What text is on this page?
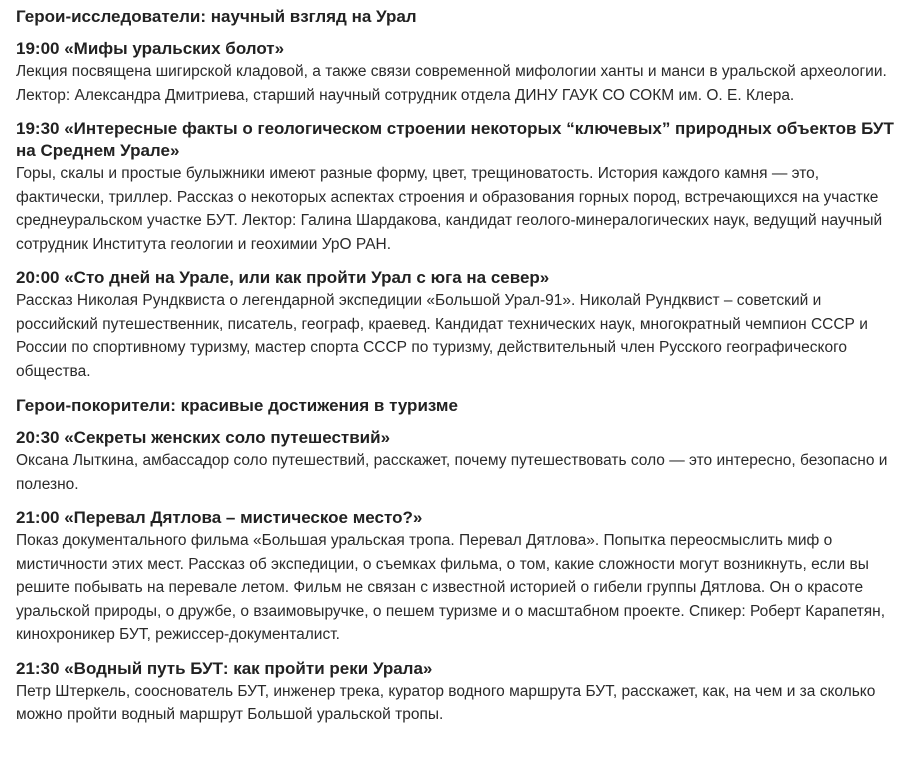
Герои-исследователи: научный взгляд на Урал
19:00 «Мифы уральских болот»
Лекция посвящена шигирской кладовой, а также связи современной мифологии ханты и манси в уральской археологии. Лектор: Александра Дмитриева, старший научный сотрудник отдела ДИНУ ГАУК СО СОКМ им. О. Е. Клера.
19:30 «Интересные факты о геологическом строении некоторых “ключевых” природных объектов БУТ на Среднем Урале»
Горы, скалы и простые булыжники имеют разные форму, цвет, трещиноватость. История каждого камня — это, фактически, триллер. Рассказ о некоторых аспектах строения и образования горных пород, встречающихся на участке среднеуральском участке БУТ. Лектор: Галина Шардакова, кандидат геолого-минералогических наук, ведущий научный сотрудник Института геологии и геохимии УрО РАН.
20:00 «Сто дней на Урале, или как пройти Урал с юга на север»
Рассказ Николая Рундквиста о легендарной экспедиции «Большой Урал-91». Николай Рундквист – советский и российский путешественник, писатель, географ, краевед. Кандидат технических наук, многократный чемпион СССР и России по спортивному туризму, мастер спорта СССР по туризму, действительный член Русского географического общества.
Герои-покорители: красивые достижения в туризме
20:30 «Секреты женских соло путешествий»
Оксана Лыткина, амбассадор соло путешествий, расскажет, почему путешествовать соло — это интересно, безопасно и полезно.
21:00 «Перевал Дятлова – мистическое место?»
Показ документального фильма «Большая уральская тропа. Перевал Дятлова». Попытка переосмыслить миф о мистичности этих мест. Рассказ об экспедиции, о съемках фильма, о том, какие сложности могут возникнуть, если вы решите побывать на перевале летом. Фильм не связан с известной историей о гибели группы Дятлова. Он о красоте уральской природы, о дружбе, о взаимовыручке, о пешем туризме и о масштабном проекте. Спикер: Роберт Карапетян, кинохроникер БУТ, режиссер-документалист.
21:30 «Водный путь БУТ: как пройти реки Урала»
Петр Штеркель, сооснователь БУТ, инженер трека, куратор водного маршрута БУТ, расскажет, как, на чем и за сколько можно пройти водный маршрут Большой уральской тропы.
